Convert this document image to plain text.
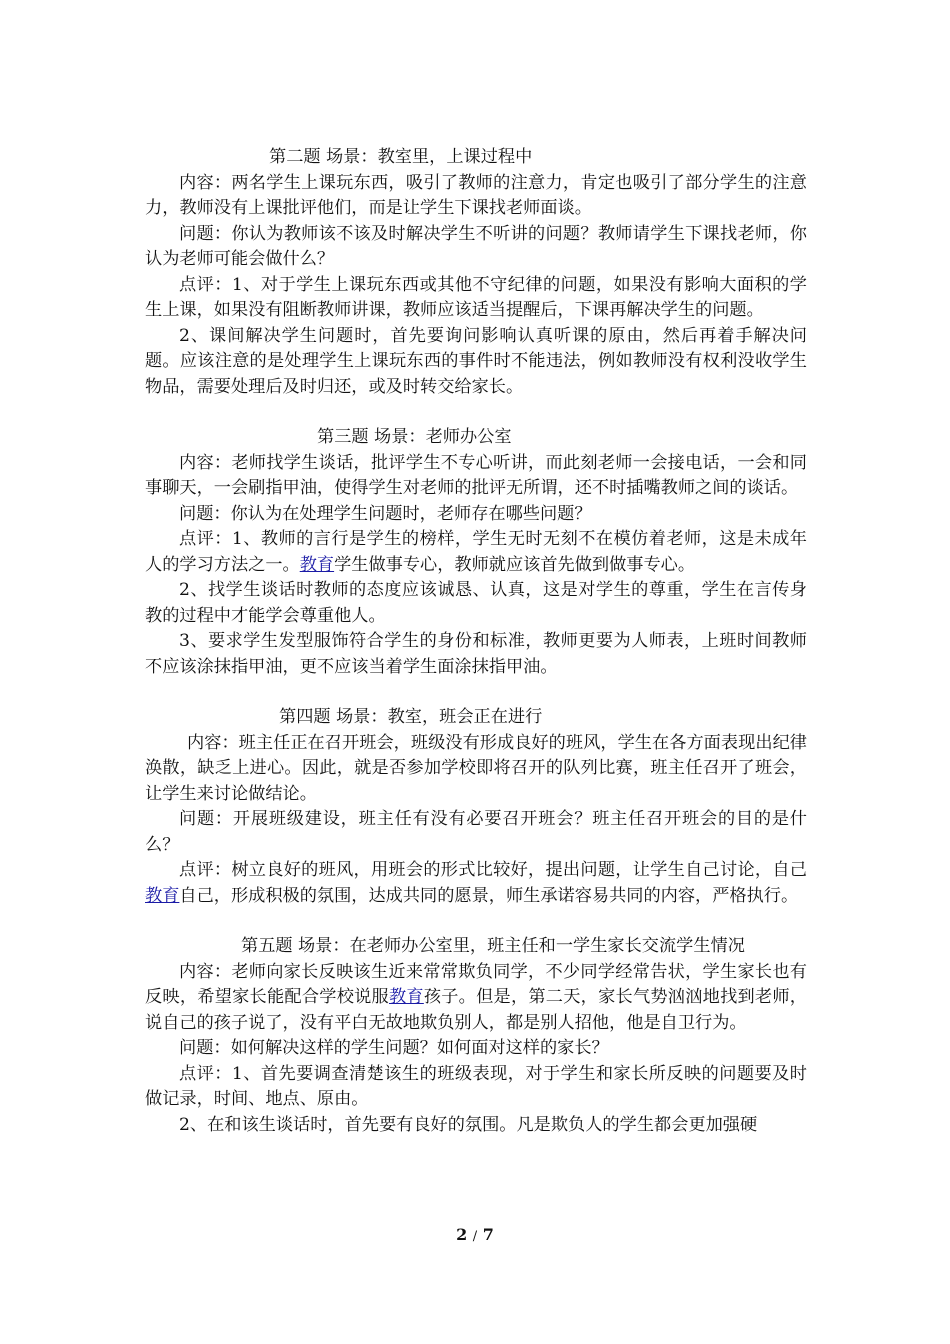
第二题 场景：教室里，上课过程中

内容：两名学生上课玩东西，吸引了教师的注意力，肯定也吸引了部分学生的注意力，教师没有上课批评他们，而是让学生下课找老师面谈。

问题：你认为教师该不该及时解决学生不听讲的问题？教师请学生下课找老师，你认为老师可能会做什么？

点评：1、对于学生上课玩东西或其他不守纪律的问题，如果没有影响大面积的学生上课，如果没有阻断教师讲课，教师应该适当提醒后，下课再解决学生的问题。

2、课间解决学生问题时，首先要询问影响认真听课的原由，然后再着手解决问题。应该注意的是处理学生上课玩东西的事件时不能违法，例如教师没有权利没收学生物品，需要处理后及时归还，或及时转交给家长。

第三题 场景：老师办公室

内容：老师找学生谈话，批评学生不专心听讲，而此刻老师一会接电话，一会和同事聊天，一会刷指甲油，使得学生对老师的批评无所谓，还不时插嘴教师之间的谈话。

问题：你认为在处理学生问题时，老师存在哪些问题？

点评：1、教师的言行是学生的榜样，学生无时无刻不在模仿着老师，这是未成年人的学习方法之一。教育学生做事专心，教师就应该首先做到做事专心。

2、找学生谈话时教师的态度应该诚恳、认真，这是对学生的尊重，学生在言传身教的过程中才能学会尊重他人。

3、要求学生发型服饰符合学生的身份和标准，教师更要为人师表，上班时间教师不应该涂抹指甲油，更不应该当着学生面涂抹指甲油。

第四题 场景：教室，班会正在进行

内容：班主任正在召开班会，班级没有形成良好的班风，学生在各方面表现出纪律涣散，缺乏上进心。因此，就是否参加学校即将召开的队列比赛，班主任召开了班会，让学生来讨论做结论。

问题：开展班级建设，班主任有没有必要召开班会？班主任召开班会的目的是什么？

点评：树立良好的班风，用班会的形式比较好，提出问题，让学生自己讨论，自己教育自己，形成积极的氛围，达成共同的愿景，师生承诺容易共同的内容，严格执行。

第五题 场景：在老师办公室里，班主任和一学生家长交流学生情况

内容：老师向家长反映该生近来常常欺负同学，不少同学经常告状，学生家长也有反映，希望家长能配合学校说服教育孩子。但是，第二天，家长气势汹汹地找到老师，说自己的孩子说了，没有平白无故地欺负别人，都是别人招他，他是自卫行为。

问题：如何解决这样的学生问题？如何面对这样的家长？

点评：1、首先要调查清楚该生的班级表现，对于学生和家长所反映的问题要及时做记录，时间、地点、原由。

2、在和该生谈话时，首先要有良好的氛围。凡是欺负人的学生都会更加强硬

2 / 7
